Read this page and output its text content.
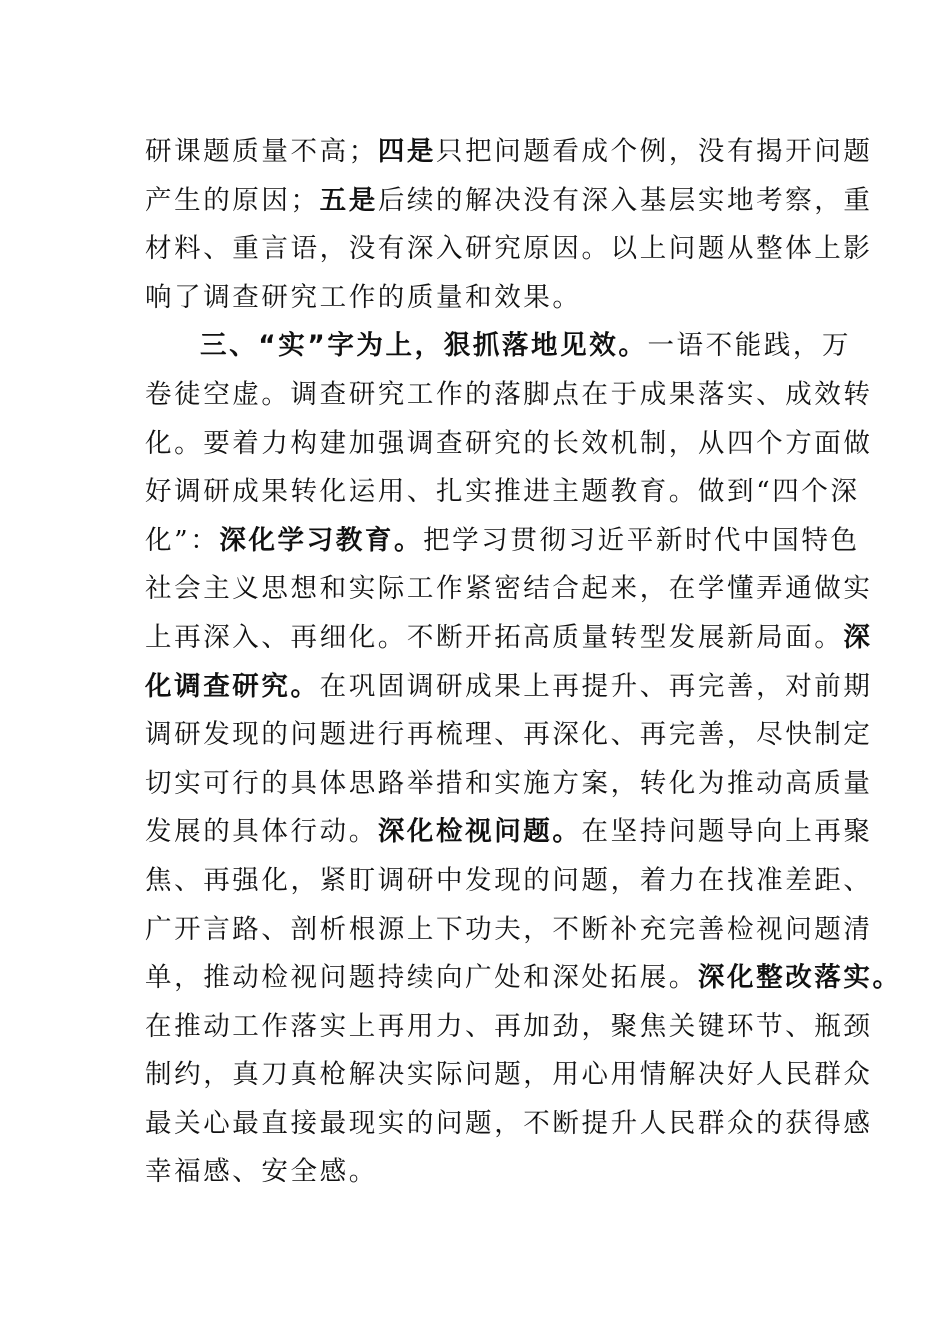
研课题质量不高；四是只把问题看成个例，没有揭开问题
产生的原因；五是后续的解决没有深入基层实地考察，重
材料、重言语，没有深入研究原因。以上问题从整体上影
响了调查研究工作的质量和效果。
三、“实”字为上，狠抓落地见效。一语不能践，万
卷徒空虚。调查研究工作的落脚点在于成果落实、成效转
化。要着力构建加强调查研究的长效机制，从四个方面做
好调研成果转化运用、扎实推进主题教育。做到“四个深
化”：深化学习教育。把学习贯彻习近平新时代中国特色
社会主义思想和实际工作紧密结合起来，在学懂弄通做实
上再深入、再细化。不断开拓高质量转型发展新局面。深
化调查研究。在巩固调研成果上再提升、再完善，对前期
调研发现的问题进行再梳理、再深化、再完善，尽快制定
切实可行的具体思路举措和实施方案，转化为推动高质量
发展的具体行动。深化检视问题。在坚持问题导向上再聚
焦、再强化，紧盯调研中发现的问题，着力在找准差距、
广开言路、剖析根源上下功夫，不断补充完善检视问题清
单，推动检视问题持续向广处和深处拓展。深化整改落实。
在推动工作落实上再用力、再加劲，聚焦关键环节、瓶颈
制约，真刀真枪解决实际问题，用心用情解决好人民群众
最关心最直接最现实的问题，不断提升人民群众的获得感
幸福感、安全感。
